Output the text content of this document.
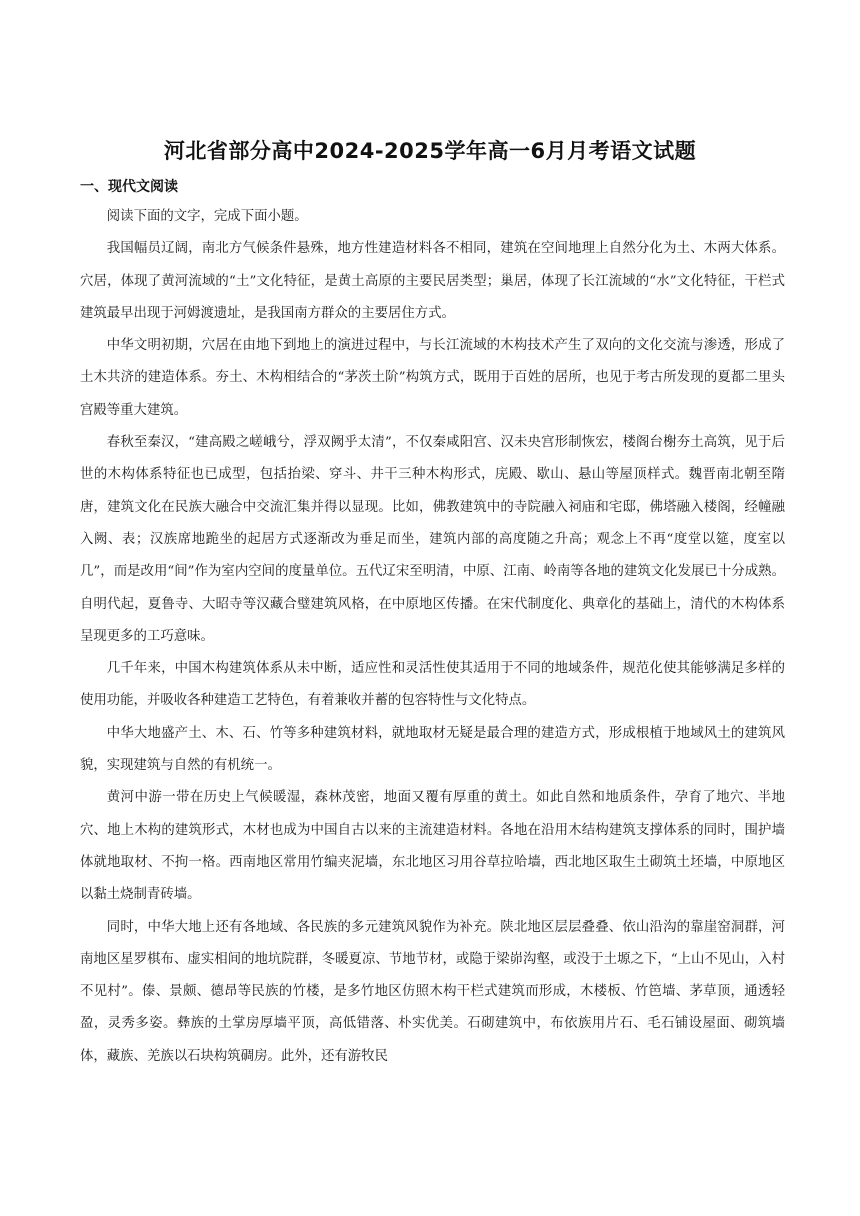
河北省部分高中2024-2025学年高一6月月考语文试题
一、现代文阅读

阅读下面的文字，完成下面小题。

我国幅员辽阔，南北方气候条件悬殊，地方性建造材料各不相同，建筑在空间地理上自然分化为土、木两大体系。穴居，体现了黄河流域的“土”文化特征，是黄土高原的主要民居类型；巢居，体现了长江流域的“水”文化特征，干栏式建筑最早出现于河姆渡遗址，是我国南方群众的主要居住方式。

中华文明初期，穴居在由地下到地上的演进过程中，与长江流域的木构技术产生了双向的文化交流与渗透，形成了土木共济的建造体系。夯土、木构相结合的“茅茨土阶”构筑方式，既用于百姓的居所，也见于考古所发现的夏都二里头宫殿等重大建筑。

春秋至秦汉，“建高殿之嵯峨兮，浮双阙乎太清”，不仅秦咸阳宫、汉未央宫形制恢宏，楼阁台榭夯土高筑，见于后世的木构体系特征也已成型，包括抬梁、穿斗、井干三种木构形式，庑殿、歇山、悬山等屋顶样式。魏晋南北朝至隋唐，建筑文化在民族大融合中交流汇集并得以显现。比如，佛教建筑中的寺院融入祠庙和宅邸，佛塔融入楼阁，经幢融入阙、表；汉族席地跪坐的起居方式逐渐改为垂足而坐，建筑内部的高度随之升高；观念上不再“度堂以筵，度室以几”，而是改用“间”作为室内空间的度量单位。五代辽宋至明清，中原、江南、岭南等各地的建筑文化发展已十分成熟。自明代起，夏鲁寺、大昭寺等汉藏合璧建筑风格，在中原地区传播。在宋代制度化、典章化的基础上，清代的木构体系呈现更多的工巧意味。

几千年来，中国木构建筑体系从未中断，适应性和灵活性使其适用于不同的地域条件，规范化使其能够满足多样的使用功能，并吸收各种建造工艺特色，有着兼收并蓄的包容特性与文化特点。

中华大地盛产土、木、石、竹等多种建筑材料，就地取材无疑是最合理的建造方式，形成根植于地域风土的建筑风貌，实现建筑与自然的有机统一。

黄河中游一带在历史上气候暖湿，森林茂密，地面又覆有厚重的黄土。如此自然和地质条件，孕育了地穴、半地穴、地上木构的建筑形式，木材也成为中国自古以来的主流建造材料。各地在沿用木结构建筑支撑体系的同时，围护墙体就地取材、不拘一格。西南地区常用竹编夹泥墙，东北地区习用谷草拉哈墙，西北地区取生土砌筑土坯墙，中原地区以黏土烧制青砖墙。

同时，中华大地上还有各地域、各民族的多元建筑风貌作为补充。陕北地区层层叠叠、依山沿沟的靠崖窑洞群，河南地区星罗棋布、虚实相间的地坑院群，冬暖夏凉、节地节材，或隐于梁峁沟壑，或没于土塬之下，“上山不见山，入村不见村”。傣、景颇、德昂等民族的竹楼，是多竹地区仿照木构干栏式建筑而形成，木楼板、竹笆墙、茅草顶，通透轻盈，灵秀多姿。彝族的土掌房厚墙平顶，高低错落、朴实优美。石砌建筑中，布依族用片石、毛石铺设屋面、砌筑墙体，藏族、羌族以石块构筑碉房。此外，还有游牧民
